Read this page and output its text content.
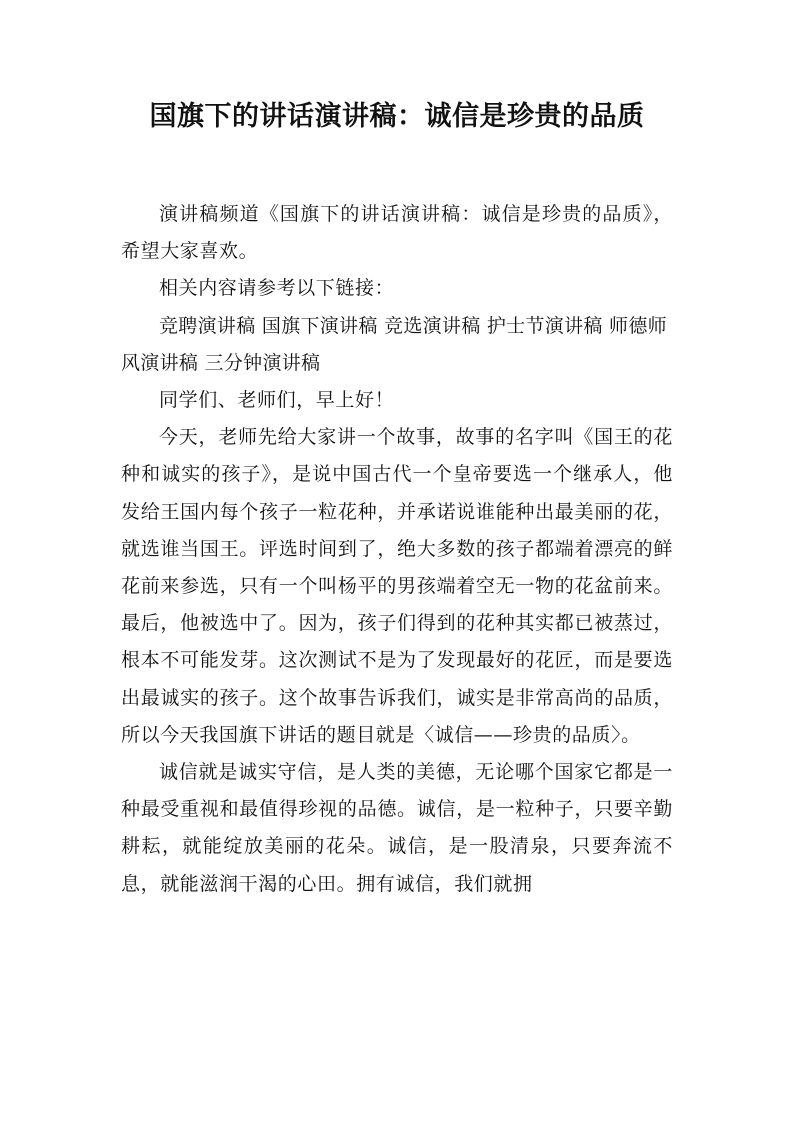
国旗下的讲话演讲稿：诚信是珍贵的品质

演讲稿频道《国旗下的讲话演讲稿：诚信是珍贵的品质》，希望大家喜欢。

相关内容请参考以下链接：

竞聘演讲稿 国旗下演讲稿 竞选演讲稿 护士节演讲稿 师德师风演讲稿 三分钟演讲稿

同学们、老师们，早上好！

今天，老师先给大家讲一个故事，故事的名字叫《国王的花种和诚实的孩子》，是说中国古代一个皇帝要选一个继承人，他发给王国内每个孩子一粒花种，并承诺说谁能种出最美丽的花，就选谁当国王。评选时间到了，绝大多数的孩子都端着漂亮的鲜花前来参选，只有一个叫杨平的男孩端着空无一物的花盆前来。最后，他被选中了。因为，孩子们得到的花种其实都已被蒸过，根本不可能发芽。这次测试不是为了发现最好的花匠，而是要选出最诚实的孩子。这个故事告诉我们，诚实是非常高尚的品质，所以今天我国旗下讲话的题目就是〈诚信——珍贵的品质〉。

诚信就是诚实守信，是人类的美德，无论哪个国家它都是一种最受重视和最值得珍视的品德。诚信，是一粒种子，只要辛勤耕耘，就能绽放美丽的花朵。诚信，是一股清泉，只要奔流不息，就能滋润干渴的心田。拥有诚信，我们就拥
